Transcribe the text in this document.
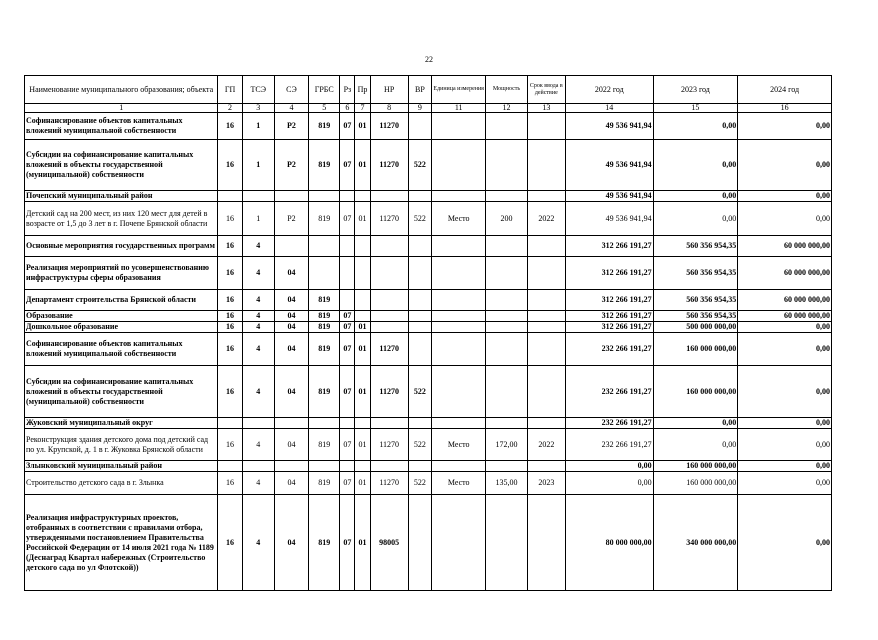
22
Наименование муниципального образования; объекта	ГП	ТСЭ	СЭ	ГРБС	Рз	Пр	НР	ВР	Единица измерения	Мощность	Срок ввода в действие	2022 год	2023 год	2024 год
1	2	3	4	5	6	7	8	9	11	12	13	14	15	16
Софинансирование объектов капитальных вложений муниципальной собственности	16	1	Р2	819	07	01	11270					49 536 941,94	0,00	0,00
Субсидии на софинансирование капитальных вложений в объекты государственной (муниципальной) собственности	16	1	Р2	819	07	01	11270	522				49 536 941,94	0,00	0,00
Почепский муниципальный район												49 536 941,94	0,00	0,00
Детский сад на 200 мест, из них 120 мест для детей в возрасте от 1,5 до 3 лет в г. Почепе Брянской области	16	1	Р2	819	07	01	11270	522	Место	200	2022	49 536 941,94	0,00	0,00
Основные мероприятия государственных программ	16	4										312 266 191,27	560 356 954,35	60 000 000,00
Реализация мероприятий по усовершенствованию инфраструктуры сферы образования	16	4	04									312 266 191,27	560 356 954,35	60 000 000,00
Департамент строительства Брянской области	16	4	04	819								312 266 191,27	560 356 954,35	60 000 000,00
Образование	16	4	04	819	07							312 266 191,27	560 356 954,35	60 000 000,00
Дошкольное образование	16	4	04	819	07	01						312 266 191,27	500 000 000,00	0,00
Софинансирование объектов капитальных вложений муниципальной собственности	16	4	04	819	07	01	11270					232 266 191,27	160 000 000,00	0,00
Субсидии на софинансирование капитальных вложений в объекты государственной (муниципальной) собственности	16	4	04	819	07	01	11270	522				232 266 191,27	160 000 000,00	0,00
Жуковский муниципальный округ												232 266 191,27	0,00	0,00
Реконструкция здания детского дома под детский сад по ул. Крупской, д. 1 в г. Жуковка Брянской области	16	4	04	819	07	01	11270	522	Место	172,00	2022	232 266 191,27	0,00	0,00
Злынковский муниципальный район												0,00	160 000 000,00	0,00
Строительство детского сада в г. Злынка	16	4	04	819	07	01	11270	522	Место	135,00	2023	0,00	160 000 000,00	0,00
Реализация инфраструктурных проектов, отобранных в соответствии с правилами отбора, утвержденными постановлением Правительства Российской Федерации от 14 июля 2021 года № 1189 (Деснаград Квартал набережных (Строительство детского сада по ул Флотской))	16	4	04	819	07	01	98005					80 000 000,00	340 000 000,00	0,00
